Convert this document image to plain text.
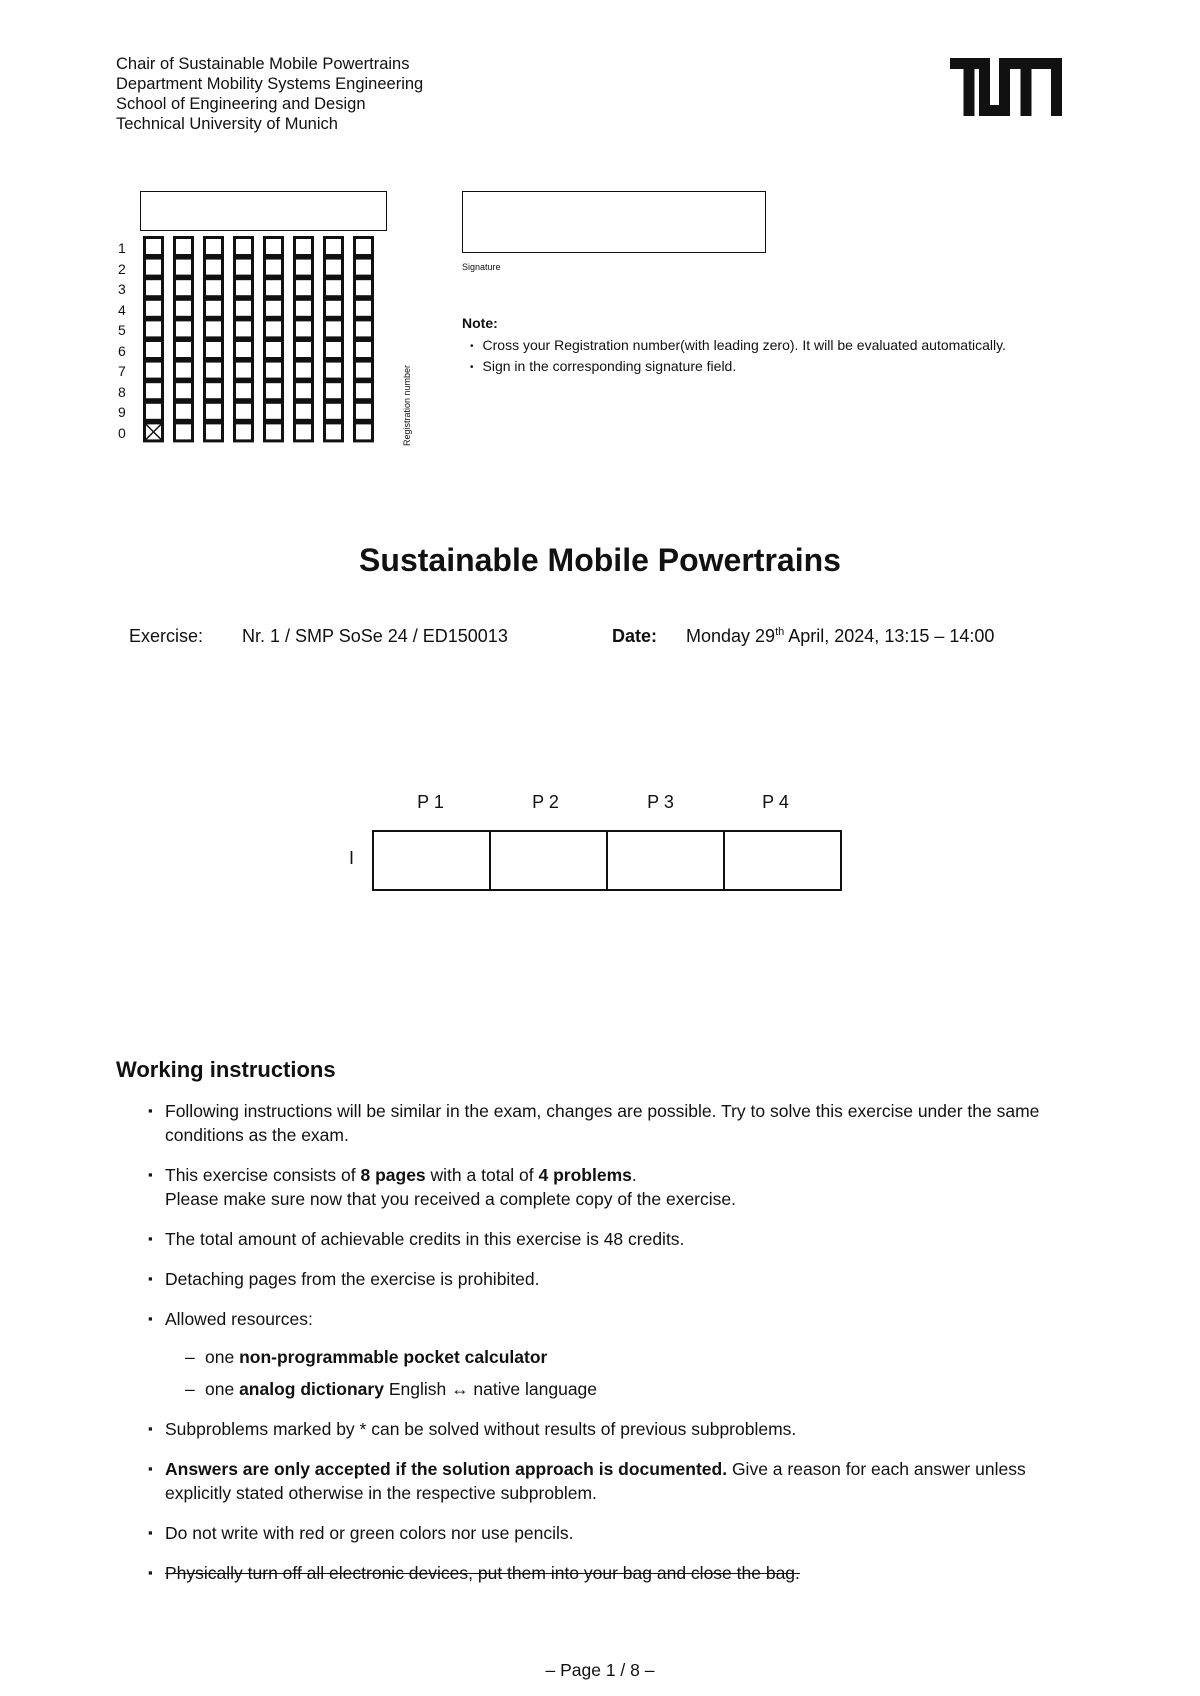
Chair of Sustainable Mobile Powertrains
Department Mobility Systems Engineering
School of Engineering and Design
Technical University of Munich
1
2
3
4
5
6
7
8
9
0	Registration number
Signature
Note:
• Cross your Registration number(with leading zero). It will be evaluated automatically.
• Sign in the corresponding signature field.
Sustainable Mobile Powertrains
Exercise: Nr. 1 / SMP SoSe 24 / ED150013	Date: Monday 29th April, 2024, 13:15 – 14:00
P 1	P 2	P 3	P 4
I

Working instructions
▪ Following instructions will be similar in the exam, changes are possible. Try to solve this exercise under the same conditions as the exam.
▪ This exercise consists of 8 pages with a total of 4 problems.
Please make sure now that you received a complete copy of the exercise.
▪ The total amount of achievable credits in this exercise is 48 credits.
▪ Detaching pages from the exercise is prohibited.
▪ Allowed resources:
– one non-programmable pocket calculator
– one analog dictionary English ↔ native language
▪ Subproblems marked by * can be solved without results of previous subproblems.
▪ Answers are only accepted if the solution approach is documented. Give a reason for each answer unless explicitly stated otherwise in the respective subproblem.
▪ Do not write with red or green colors nor use pencils.
▪ Physically turn off all electronic devices, put them into your bag and close the bag.
– Page 1 / 8 –
